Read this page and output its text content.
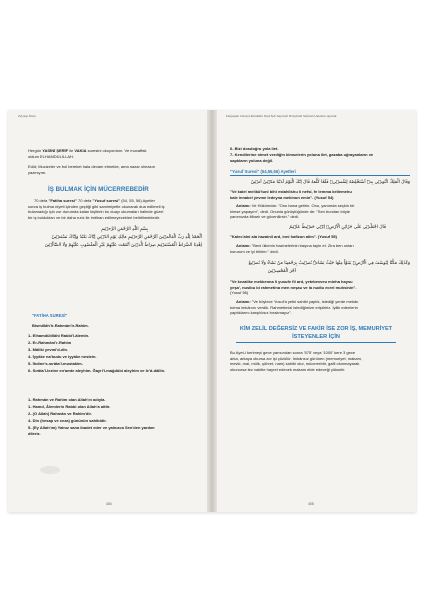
Zeynep İlcan
Hergün YASİNİ ŞERİF ile VAKIA suresini okuyordum. Ve muvaffak
oldum ELHAMDÜLİLLAH.
Edid; Mucizeler ve bol bereket hala devam etmekte, ama nazar olmasın
yazmıyım.
İŞ BULMAK İÇİN MÜCERREBEDİR
70 defa "Fatiha suresi" 70 defa "Yusuf suresi" (54, 55, 56) Ayetler
sonra iş bulma niyeti içinden geçtiği gibi samimiyetle okunarak dua edilmeli iş
bulamadığı için zor durumda kalan kişilerin bu duayı okumaları halinde güzel
bir iş buldukları ve bir daha rızık ile imtihan edilmeyecekleri belirtilmektedir.
بِسْمِ اللّٰهِ الرَّحْمٰنِ الرَّح۪يمِ
اَلْحَمْدُ لِلّٰهِ رَبِّ الْعَالَم۪ينَ اَلرَّحْمٰنِ الرَّح۪يمِ مَالِكِ يَوْمِ الدّ۪ينِ اِيَّاكَ نَعْبُدُ وَاِيَّاكَ نَسْتَع۪ينُ
اِهْدِنَا الصِّرَاطَ الْمُسْتَق۪يمَ صِرَاطَ الَّذ۪ينَ اَنْعَمْتَ عَلَيْهِمْ غَيْرِ الْمَغْضُوبِ عَلَيْهِمْ وَلَا الضَّٓالّ۪ينَ
"FATİHA SURESİ"
Bismillâh'ir-Rahmân'ir-Rahîm.
1- Elhamdülillâhi Rabbi'l-âlemîn.
2- Er-Rahmâni'r-Rahîm
3- Mâliki yevmi'd-dîn.
4- İyyâke na'budu ve iyyâke nestein.
5- İhdine's-sırâta'l-mustakîm.
6- Sırâta'l-lezîne en'amte aleyhim. Ğayri'l-mağdûbi aleyhim ve le'd-dâllîn.
1- Rahmân ve Rahîm olan Allah'ın adıyla.
1- Hamd, Âlemlerin Rabbi olan Allah'a aittir.
2- (O Allah) Rahmân ve Rahîm'dir.
4- Din (hesap ve ceza) gününün sahibidir.
5- (Ey Allah'ım) Yalnız sana ibadet eder ve yalnızca Sen'den yardım
dileriz.
404
Doğuştan Güneşi Kendilim Veyd İşle Sayemiz Verişimizi Sefaretsi Anastın Açarak
6- Bizi dosdoğru yola ilet.
7- Kendilerine nimet verdiğin kimselerin yoluna ilet, gazaba uğrayanların ve
sapkların yoluna değil.
"Yusuf Suresi" (54,55,56) Ayetleri
وَقَالَ الْمَلِكُ ائْتُون۪ي بِه۪ٓ اَسْتَخْلِصْهُ لِنَفْس۪يۚ فَلَمَّا كَلَّمَهُ قَالَ اِنَّكَ الْيَوْمَ لَدَيْنَا مَك۪ينٌ اَم۪ينٌ
"Ve kalel melikü'tunî bihî estahlishu li nefsî, fe lemma kellemehu
kale innakel yevme ledeyna mekinun emin". (Yusuf 54)
Anlamı: Ve Hükümdar: "Onu bana getirin. Onu, yanımda seçkin bir
kimse yapayım", dedi. Onunla görüştüğünde de: "Sen bundan böyle
yanımızda itibarlı ve güvenilirsin." dedi.
قَالَ اجْعَلْن۪ي عَلٰى خَزَٓائِنِ الْاَرْضِۚ اِنّ۪ي حَف۪يظٌ عَل۪يمٌ
"Kalec'alni ala hazainil ard, inni hafizun alim". (Yusuf 55)
Anlamı: "Beni ülkenin hazinelerinin başına tayin et. Zira ben onları
korurum ve iyi bilirim." dedi.
وَكَذٰلِكَ مَكَّنَّا لِيُوسُفَ فِي الْاَرْضِۚ يَتَبَوَّاُ مِنْهَا حَيْثُ يَشَٓاءُۜ نُص۪يبُ بِرَحْمَتِنَا مَنْ نَشَٓاءُ وَلَا نُض۪يعُ
اَجْرَ الْمُحْسِن۪ينَ
"Ve kezalike mekkenna li yusufe fil ard, yetebevveu minha haysu
yeşa', nusibu bi rahmetina men neşau ve la nudiu ecrel muhsinin".
(Yusuf 56)
Anlamı: "Ve böylece Yusuf'a yetki sahibi yaptık, istediği yerde mekân
tutma imkânını verdik. Rahmetimizi istediğimize eriştiririz. İyilik edenlerin
yaptıklarını karşılıksız bırakmayız".
KİM ZELİL DEĞERSİZ VE FAKİR İSE ZOR İŞ, MEMURİYET
İSTEYENLER İÇİN
Bu Ayet-i kerimeyi gece yarısından sonra '575' veya '1000' kere 3 gece
arka, arkaya okursa zor işi çözülür. İmkânsız görünen (memuriyet, makam,
mevki, mal, mülk, şöhret, nam) sahibi olur, mücerrebtir, gafil olunmayarak
okunursa tez vakitte hayret edecek makam elde edeceği yükselir.
405
